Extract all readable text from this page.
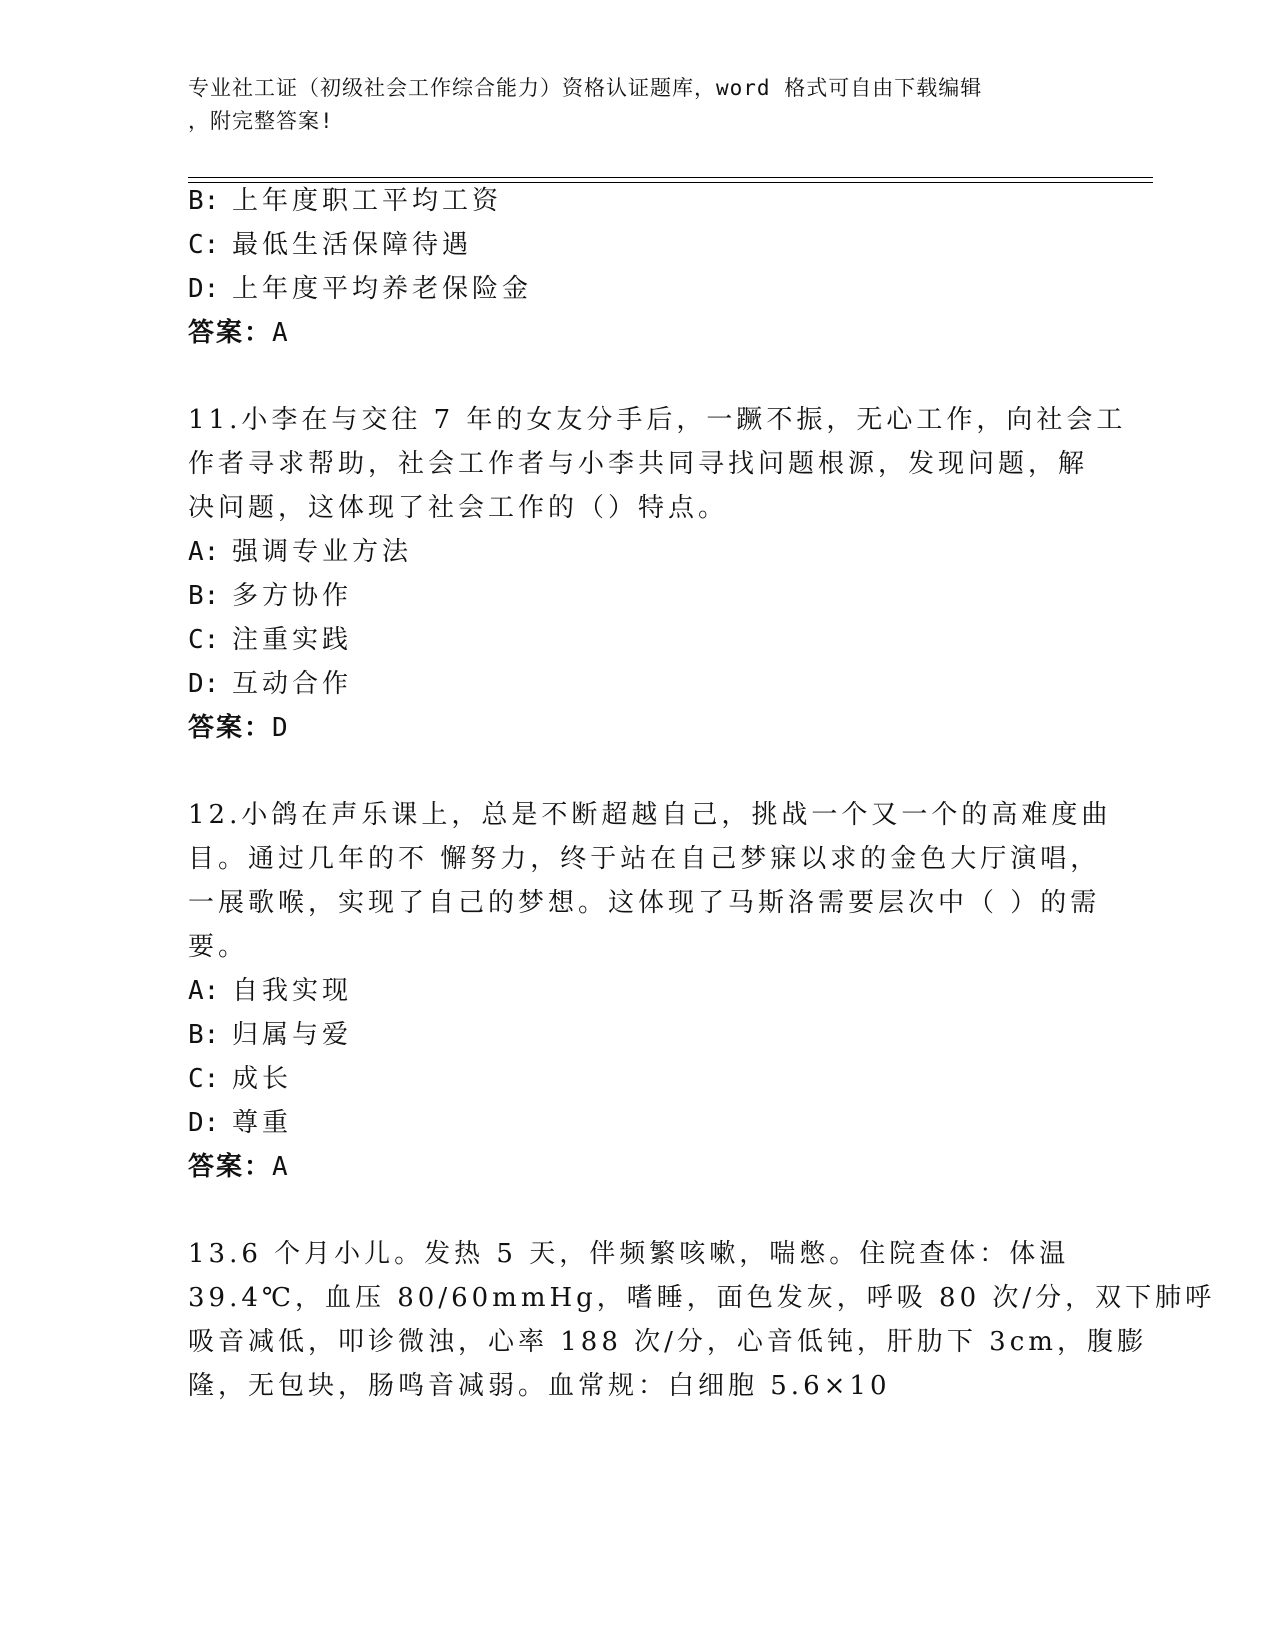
专业社工证（初级社会工作综合能力）资格认证题库，word 格式可自由下载编辑
，附完整答案!
B: 上年度职工平均工资
C: 最低生活保障待遇
D: 上年度平均养老保险金
答案：A
11.小李在与交往 7 年的女友分手后，一蹶不振，无心工作，向社会工
作者寻求帮助，社会工作者与小李共同寻找问题根源，发现问题，解
决问题，这体现了社会工作的（）特点。
A: 强调专业方法
B: 多方协作
C: 注重实践
D: 互动合作
答案：D
12.小鸽在声乐课上，总是不断超越自己，挑战一个又一个的高难度曲
目。通过几年的不 懈努力，终于站在自己梦寐以求的金色大厅演唱，
一展歌喉，实现了自己的梦想。这体现了马斯洛需要层次中（ ）的需
要。
A: 自我实现
B: 归属与爱
C: 成长
D: 尊重
答案：A
13.6 个月小儿。发热 5 天，伴频繁咳嗽，喘憋。住院查体：体温
39.4℃，血压 80/60mmHg，嗜睡，面色发灰，呼吸 80 次/分，双下肺呼
吸音减低，叩诊微浊，心率 188 次/分，心音低钝，肝肋下 3cm，腹膨
隆，无包块，肠鸣音减弱。血常规：白细胞 5.6×10
